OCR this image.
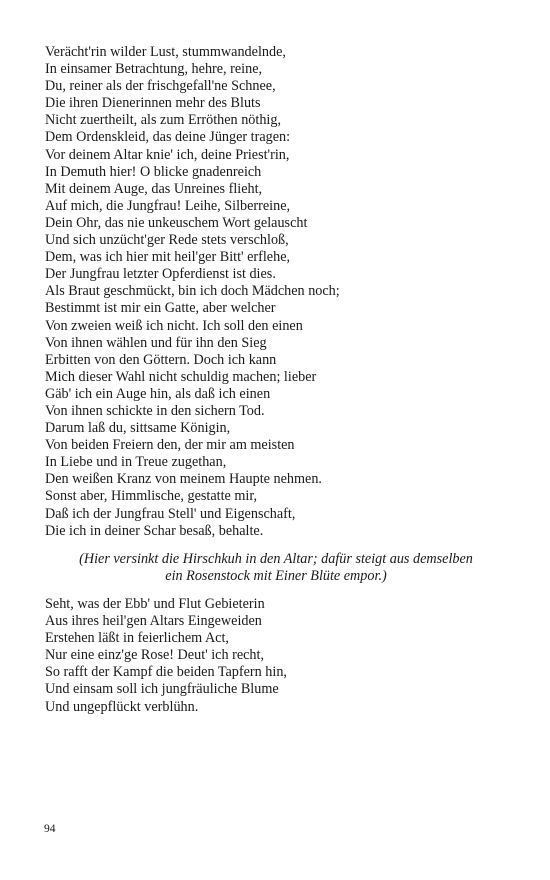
Verächt'rin wilder Lust, stummwandelnde,
In einsamer Betrachtung, hehre, reine,
Du, reiner als der frischgefall'ne Schnee,
Die ihren Dienerinnen mehr des Bluts
Nicht zuertheilt, als zum Erröthen nöthig,
Dem Ordenskleid, das deine Jünger tragen:
Vor deinem Altar knie' ich, deine Priest'rin,
In Demuth hier! O blicke gnadenreich
Mit deinem Auge, das Unreines flieht,
Auf mich, die Jungfrau! Leihe, Silberreine,
Dein Ohr, das nie unkeuschem Wort gelauscht
Und sich unzücht'ger Rede stets verschloß,
Dem, was ich hier mit heil'ger Bitt' erflehe,
Der Jungfrau letzter Opferdienst ist dies.
Als Braut geschmückt, bin ich doch Mädchen noch;
Bestimmt ist mir ein Gatte, aber welcher
Von zweien weiß ich nicht. Ich soll den einen
Von ihnen wählen und für ihn den Sieg
Erbitten von den Göttern. Doch ich kann
Mich dieser Wahl nicht schuldig machen; lieber
Gäb' ich ein Auge hin, als daß ich einen
Von ihnen schickte in den sichern Tod.
Darum laß du, sittsame Königin,
Von beiden Freiern den, der mir am meisten
In Liebe und in Treue zugethan,
Den weißen Kranz von meinem Haupte nehmen.
Sonst aber, Himmlische, gestatte mir,
Daß ich der Jungfrau Stell' und Eigenschaft,
Die ich in deiner Schar besaß, behalte.
(Hier versinkt die Hirschkuh in den Altar; dafür steigt aus demselben
ein Rosenstock mit Einer Blüte empor.)
Seht, was der Ebb' und Flut Gebieterin
Aus ihres heil'gen Altars Eingeweiden
Erstehen läßt in feierlichem Act,
Nur eine einz'ge Rose! Deut' ich recht,
So rafft der Kampf die beiden Tapfern hin,
Und einsam soll ich jungfräuliche Blume
Und ungepflückt verblühn.
94
